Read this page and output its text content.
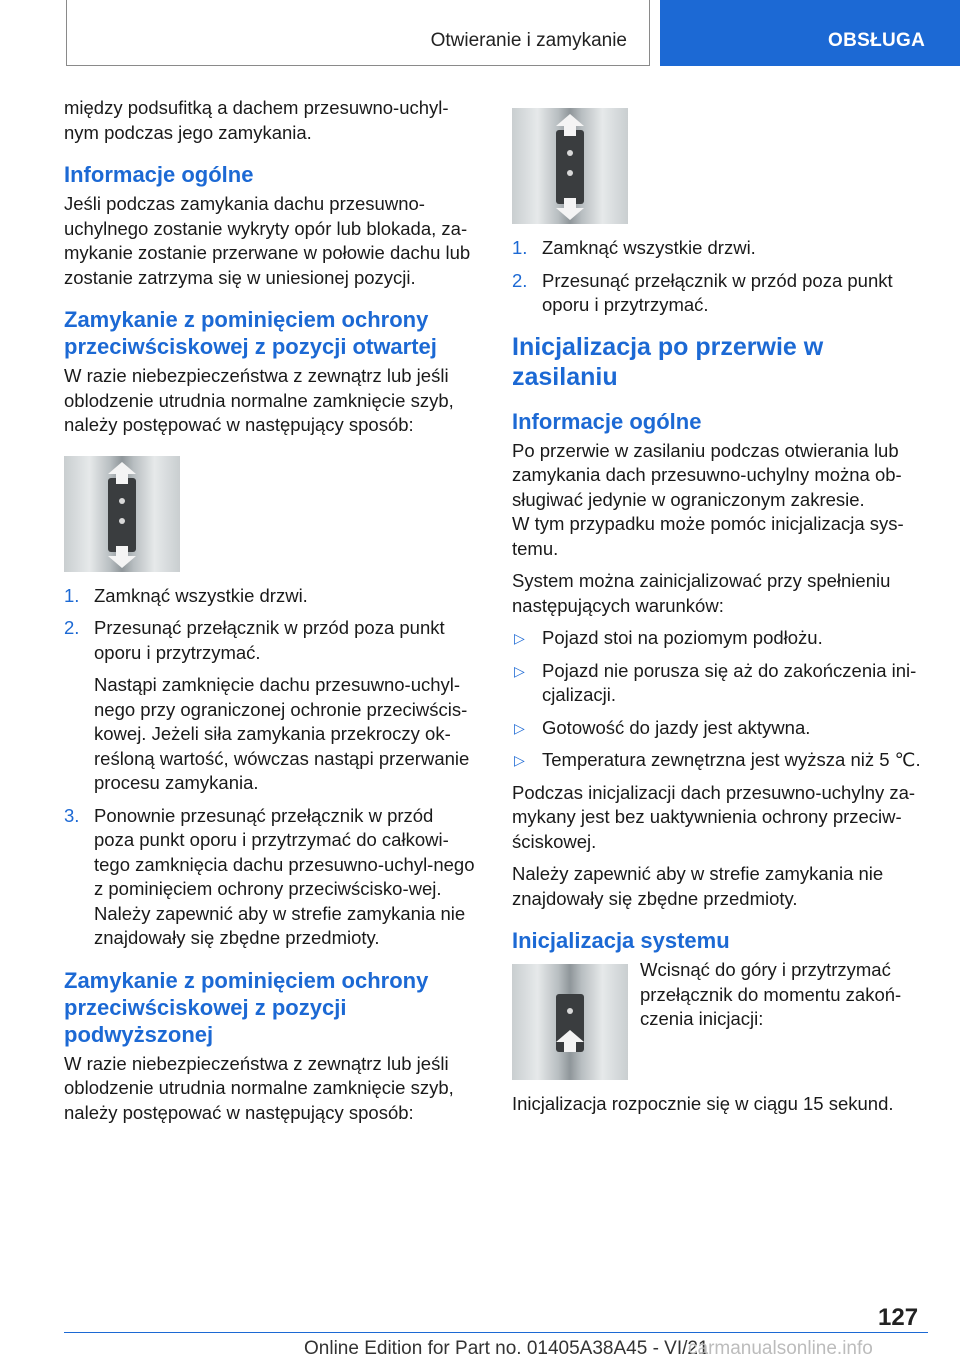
Otwieranie i zamykanie	OBSŁUGA

między podsufitką a dachem przesuwno-uchyl-nym podczas jego zamykania.

Informacje ogólne

Jeśli podczas zamykania dachu przesuwno-uchylnego zostanie wykryty opór lub blokada, za-mykanie zostanie przerwane w połowie dachu lub zostanie zatrzyma się w uniesionej pozycji.

Zamykanie z pominięciem ochrony przeciwściskowej z pozycji otwartej

W razie niebezpieczeństwa z zewnątrz lub jeśli oblodzenie utrudnia normalne zamknięcie szyb, należy postępować w następujący sposób:

1. Zamknąć wszystkie drzwi.
2. Przesunąć przełącznik w przód poza punkt oporu i przytrzymać.

Nastąpi zamknięcie dachu przesuwno-uchyl-nego przy ograniczonej ochronie przeciwścis-kowej. Jeżeli siła zamykania przekroczy ok-reśloną wartość, wówczas nastąpi przerwanie procesu zamykania.

3. Ponownie przesunąć przełącznik w przód poza punkt oporu i przytrzymać do całkowi-tego zamknięcia dachu przesuwno-uchyl-nego z pominięciem ochrony przeciwścisko-wej. Należy zapewnić aby w strefie zamykania nie znajdowały się zbędne przedmioty.
Zamykanie z pominięciem ochrony przeciwściskowej z pozycji podwyższonej

W razie niebezpieczeństwa z zewnątrz lub jeśli oblodzenie utrudnia normalne zamknięcie szyb, należy postępować w następujący sposób:

1. Zamknąć wszystkie drzwi.
2. Przesunąć przełącznik w przód poza punkt oporu i przytrzymać.
Inicjalizacja po przerwie w zasilaniu
Informacje ogólne

Po przerwie w zasilaniu podczas otwierania lub zamykania dach przesuwno-uchylny można ob-sługiwać jedynie w ograniczonym zakresie.

W tym przypadku może pomóc inicjalizacja sys-temu.

System można zainicjalizować przy spełnieniu następujących warunków:

▷ Pojazd stoi na poziomym podłożu.
▷ Pojazd nie porusza się aż do zakończenia ini-cjalizacji.
▷ Gotowość do jazdy jest aktywna.
▷ Temperatura zewnętrzna jest wyższa niż 5 ℃.

Podczas inicjalizacji dach przesuwno-uchylny za-mykany jest bez uaktywnienia ochrony przeciw-ściskowej.

Należy zapewnić aby w strefie zamykania nie znajdowały się zbędne przedmioty.

Inicjalizacja systemu

Wcisnąć do góry i przytrzymać przełącznik do momentu zakoń-czenia inicjacji:

Inicjalizacja rozpocznie się w ciągu 15 sekund.

127
Online Edition for Part no. 01405A38A45 - VI/21
carmanualsonline.info
